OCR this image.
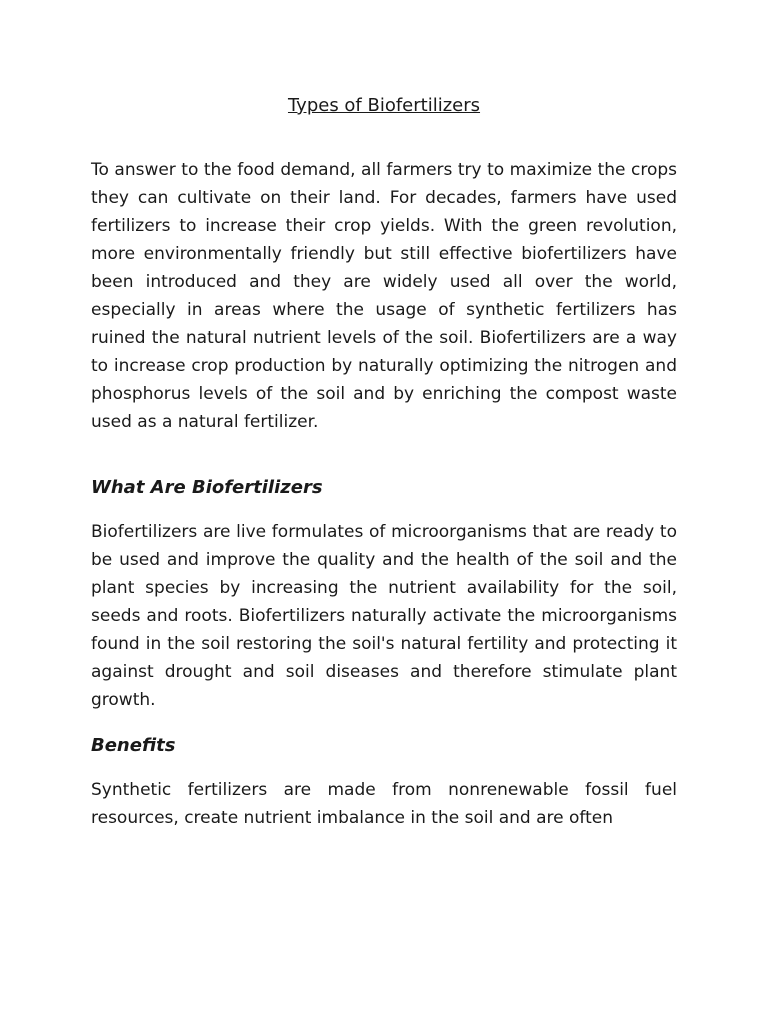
Types of Biofertilizers

To answer to the food demand, all farmers try to maximize the crops they can cultivate on their land. For decades, farmers have used fertilizers to increase their crop yields. With the green revolution, more environmentally friendly but still effective biofertilizers have been introduced and they are widely used all over the world, especially in areas where the usage of synthetic fertilizers has ruined the natural nutrient levels of the soil. Biofertilizers are a way to increase crop production by naturally optimizing the nitrogen and phosphorus levels of the soil and by enriching the compost waste used as a natural fertilizer.

What Are Biofertilizers

Biofertilizers are live formulates of microorganisms that are ready to be used and improve the quality and the health of the soil and the plant species by increasing the nutrient availability for the soil, seeds and roots. Biofertilizers naturally activate the microorganisms found in the soil restoring the soil's natural fertility and protecting it against drought and soil diseases and therefore stimulate plant growth.

Benefits

Synthetic fertilizers are made from nonrenewable fossil fuel resources, create nutrient imbalance in the soil and are often
